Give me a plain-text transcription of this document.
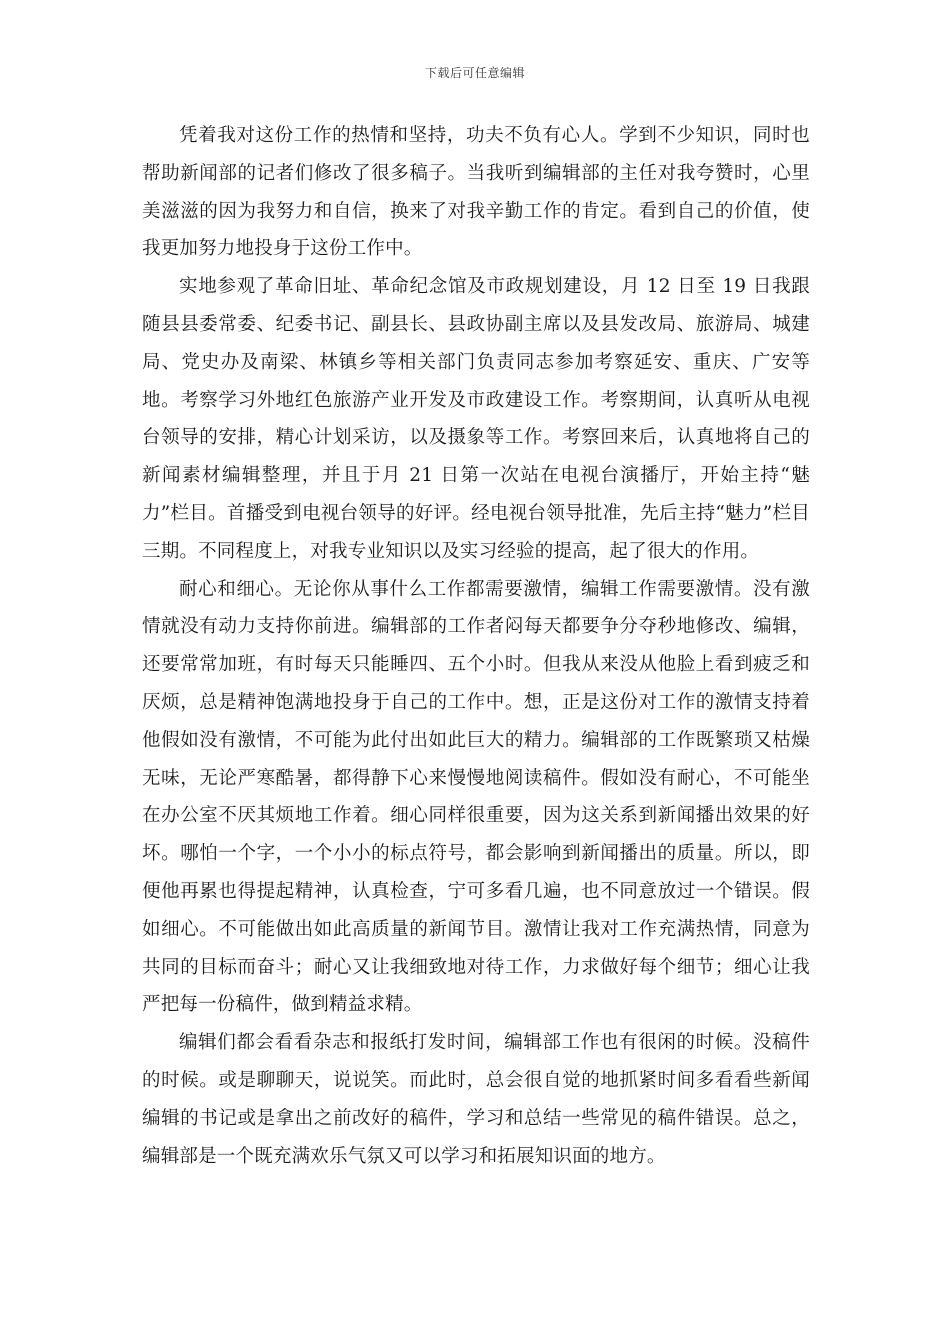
下载后可任意编辑

凭着我对这份工作的热情和坚持，功夫不负有心人。学到不少知识，同时也帮助新闻部的记者们修改了很多稿子。当我听到编辑部的主任对我夸赞时，心里美滋滋的因为我努力和自信，换来了对我辛勤工作的肯定。看到自己的价值，使我更加努力地投身于这份工作中。

实地参观了革命旧址、革命纪念馆及市政规划建设，月 12 日至 19 日我跟随县县委常委、纪委书记、副县长、县政协副主席以及县发改局、旅游局、城建局、党史办及南梁、林镇乡等相关部门负责同志参加考察延安、重庆、广安等地。考察学习外地红色旅游产业开发及市政建设工作。考察期间，认真听从电视台领导的安排，精心计划采访，以及摄象等工作。考察回来后，认真地将自己的新闻素材编辑整理，并且于月 21 日第一次站在电视台演播厅，开始主持“魅力”栏目。首播受到电视台领导的好评。经电视台领导批准，先后主持“魅力”栏目三期。不同程度上，对我专业知识以及实习经验的提高，起了很大的作用。

耐心和细心。无论你从事什么工作都需要激情，编辑工作需要激情。没有激情就没有动力支持你前进。编辑部的工作者闷每天都要争分夺秒地修改、编辑，还要常常加班，有时每天只能睡四、五个小时。但我从来没从他脸上看到疲乏和厌烦，总是精神饱满地投身于自己的工作中。想，正是这份对工作的激情支持着他假如没有激情，不可能为此付出如此巨大的精力。编辑部的工作既繁琐又枯燥无味，无论严寒酷暑，都得静下心来慢慢地阅读稿件。假如没有耐心，不可能坐在办公室不厌其烦地工作着。细心同样很重要，因为这关系到新闻播出效果的好坏。哪怕一个字，一个小小的标点符号，都会影响到新闻播出的质量。所以，即便他再累也得提起精神，认真检查，宁可多看几遍，也不同意放过一个错误。假如细心。不可能做出如此高质量的新闻节目。激情让我对工作充满热情，同意为共同的目标而奋斗；耐心又让我细致地对待工作，力求做好每个细节；细心让我严把每一份稿件，做到精益求精。

编辑们都会看看杂志和报纸打发时间，编辑部工作也有很闲的时候。没稿件的时候。或是聊聊天，说说笑。而此时，总会很自觉的地抓紧时间多看看些新闻编辑的书记或是拿出之前改好的稿件，学习和总结一些常见的稿件错误。总之，编辑部是一个既充满欢乐气氛又可以学习和拓展知识面的地方。
